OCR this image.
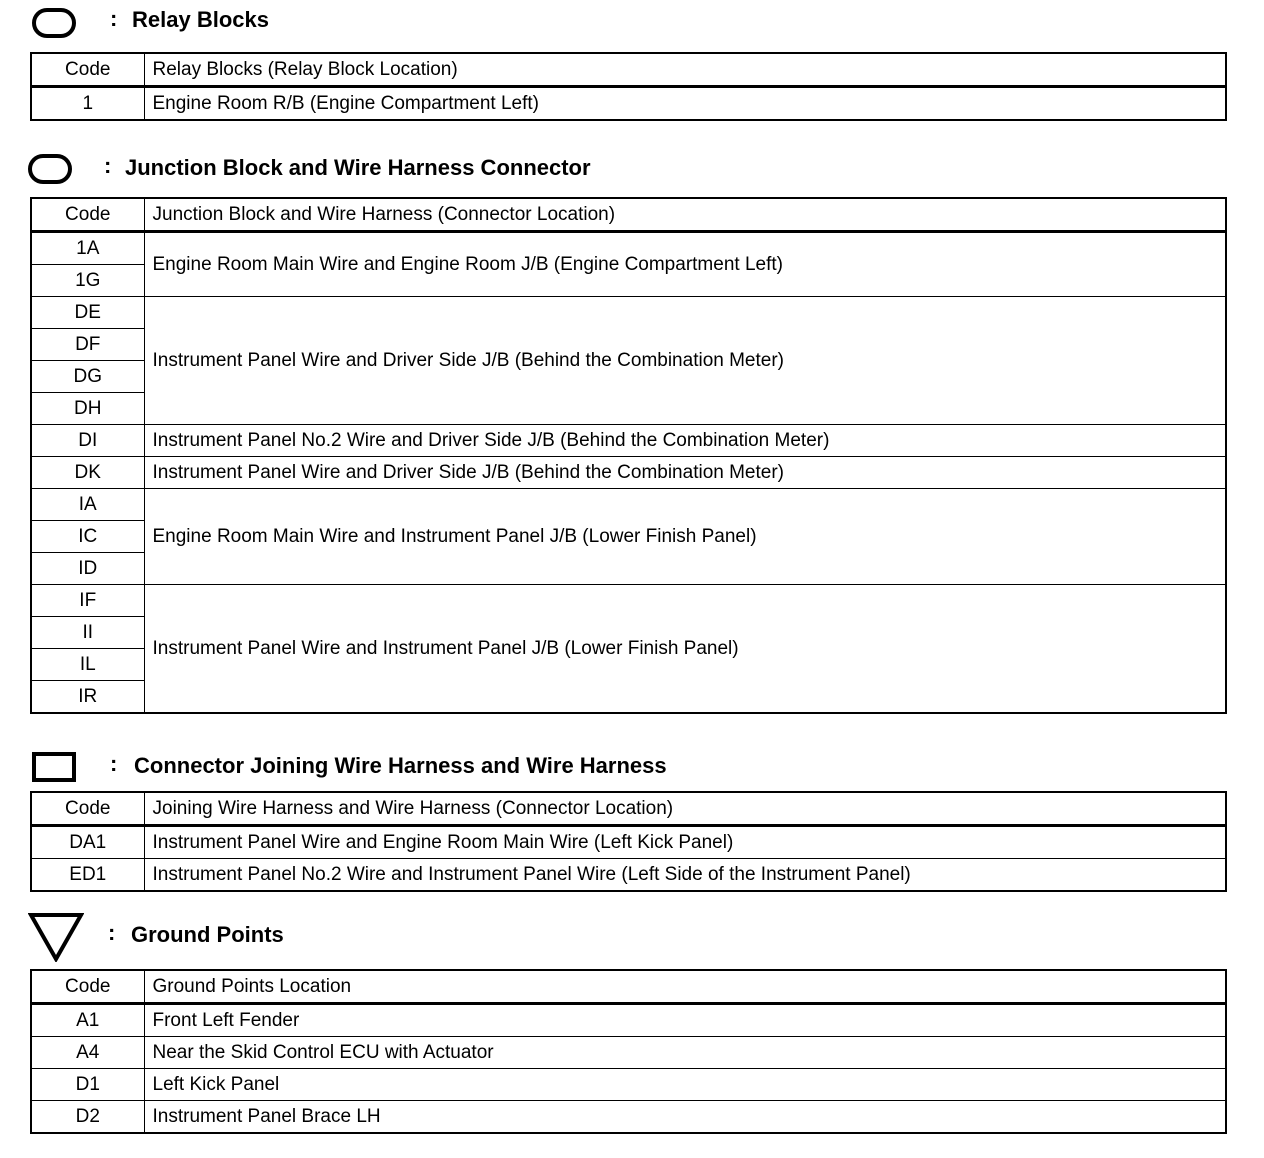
: Relay Blocks
Code	Relay Blocks (Relay Block Location)
1	Engine Room R/B (Engine Compartment Left)
: Junction Block and Wire Harness Connector
Code	Junction Block and Wire Harness (Connector Location)
1A	Engine Room Main Wire and Engine Room J/B (Engine Compartment Left)
1G	
DE	Instrument Panel Wire and Driver Side J/B (Behind the Combination Meter)
DF	
DG	
DH	
DI	Instrument Panel No.2 Wire and Driver Side J/B (Behind the Combination Meter)
DK	Instrument Panel Wire and Driver Side J/B (Behind the Combination Meter)
IA	Engine Room Main Wire and Instrument Panel J/B (Lower Finish Panel)
IC	
ID	
IF	Instrument Panel Wire and Instrument Panel J/B (Lower Finish Panel)
II	
IL	
IR	
: Connector Joining Wire Harness and Wire Harness
Code	Joining Wire Harness and Wire Harness (Connector Location)
DA1	Instrument Panel Wire and Engine Room Main Wire (Left Kick Panel)
ED1	Instrument Panel No.2 Wire and Instrument Panel Wire (Left Side of the Instrument Panel)
: Ground Points
Code	Ground Points Location
A1	Front Left Fender
A4	Near the Skid Control ECU with Actuator
D1	Left Kick Panel
D2	Instrument Panel Brace LH
